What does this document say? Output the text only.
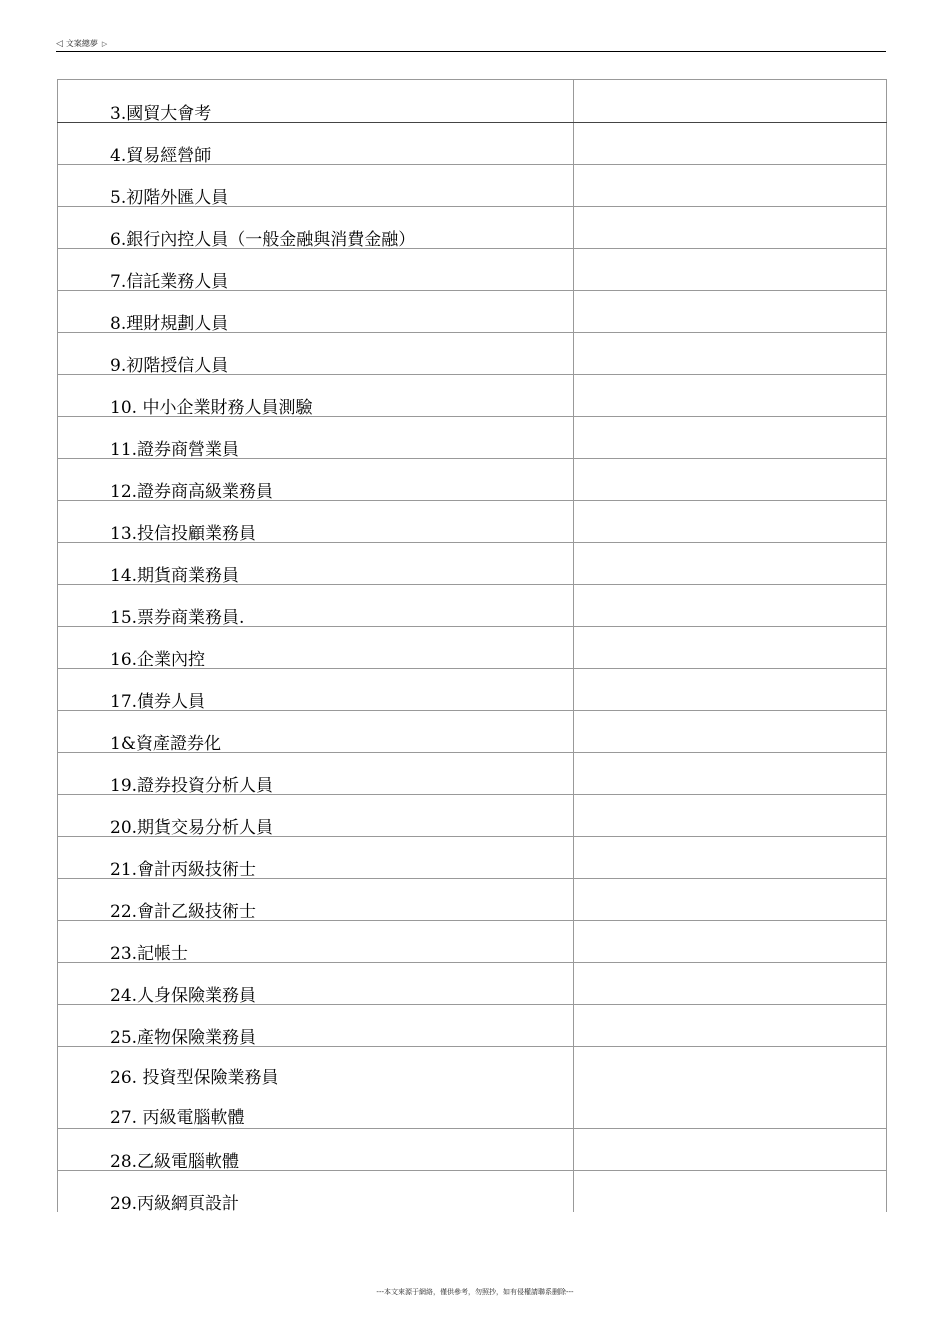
◁ 文案總夢 ▷
3.國貿大會考	

4.貿易經營師	

5.初階外匯人員	

6.銀行內控人員（一般金融與消費金融）	

7.信託業務人員	

8.理財規劃人員	

9.初階授信人員	

10. 中小企業財務人員測驗	

11.證券商營業員	

12.證券商高級業務員	

13.投信投顧業務員	

14.期貨商業務員	

15.票券商業務員.	

16.企業內控	

17.債券人員	

1&資產證券化	

19.證券投資分析人員	

20.期貨交易分析人員	

21.會計丙級技術士	

22.會計乙級技術士	

23.記帳士	

24.人身保險業務員	

25.產物保險業務員	

26. 投資型保險業務員
27. 丙級電腦軟體	

28.乙級電腦軟體	

29.丙級網頁設計	

---本文來源于網絡，僅供參考，勿照抄，如有侵權請聯系删除---
